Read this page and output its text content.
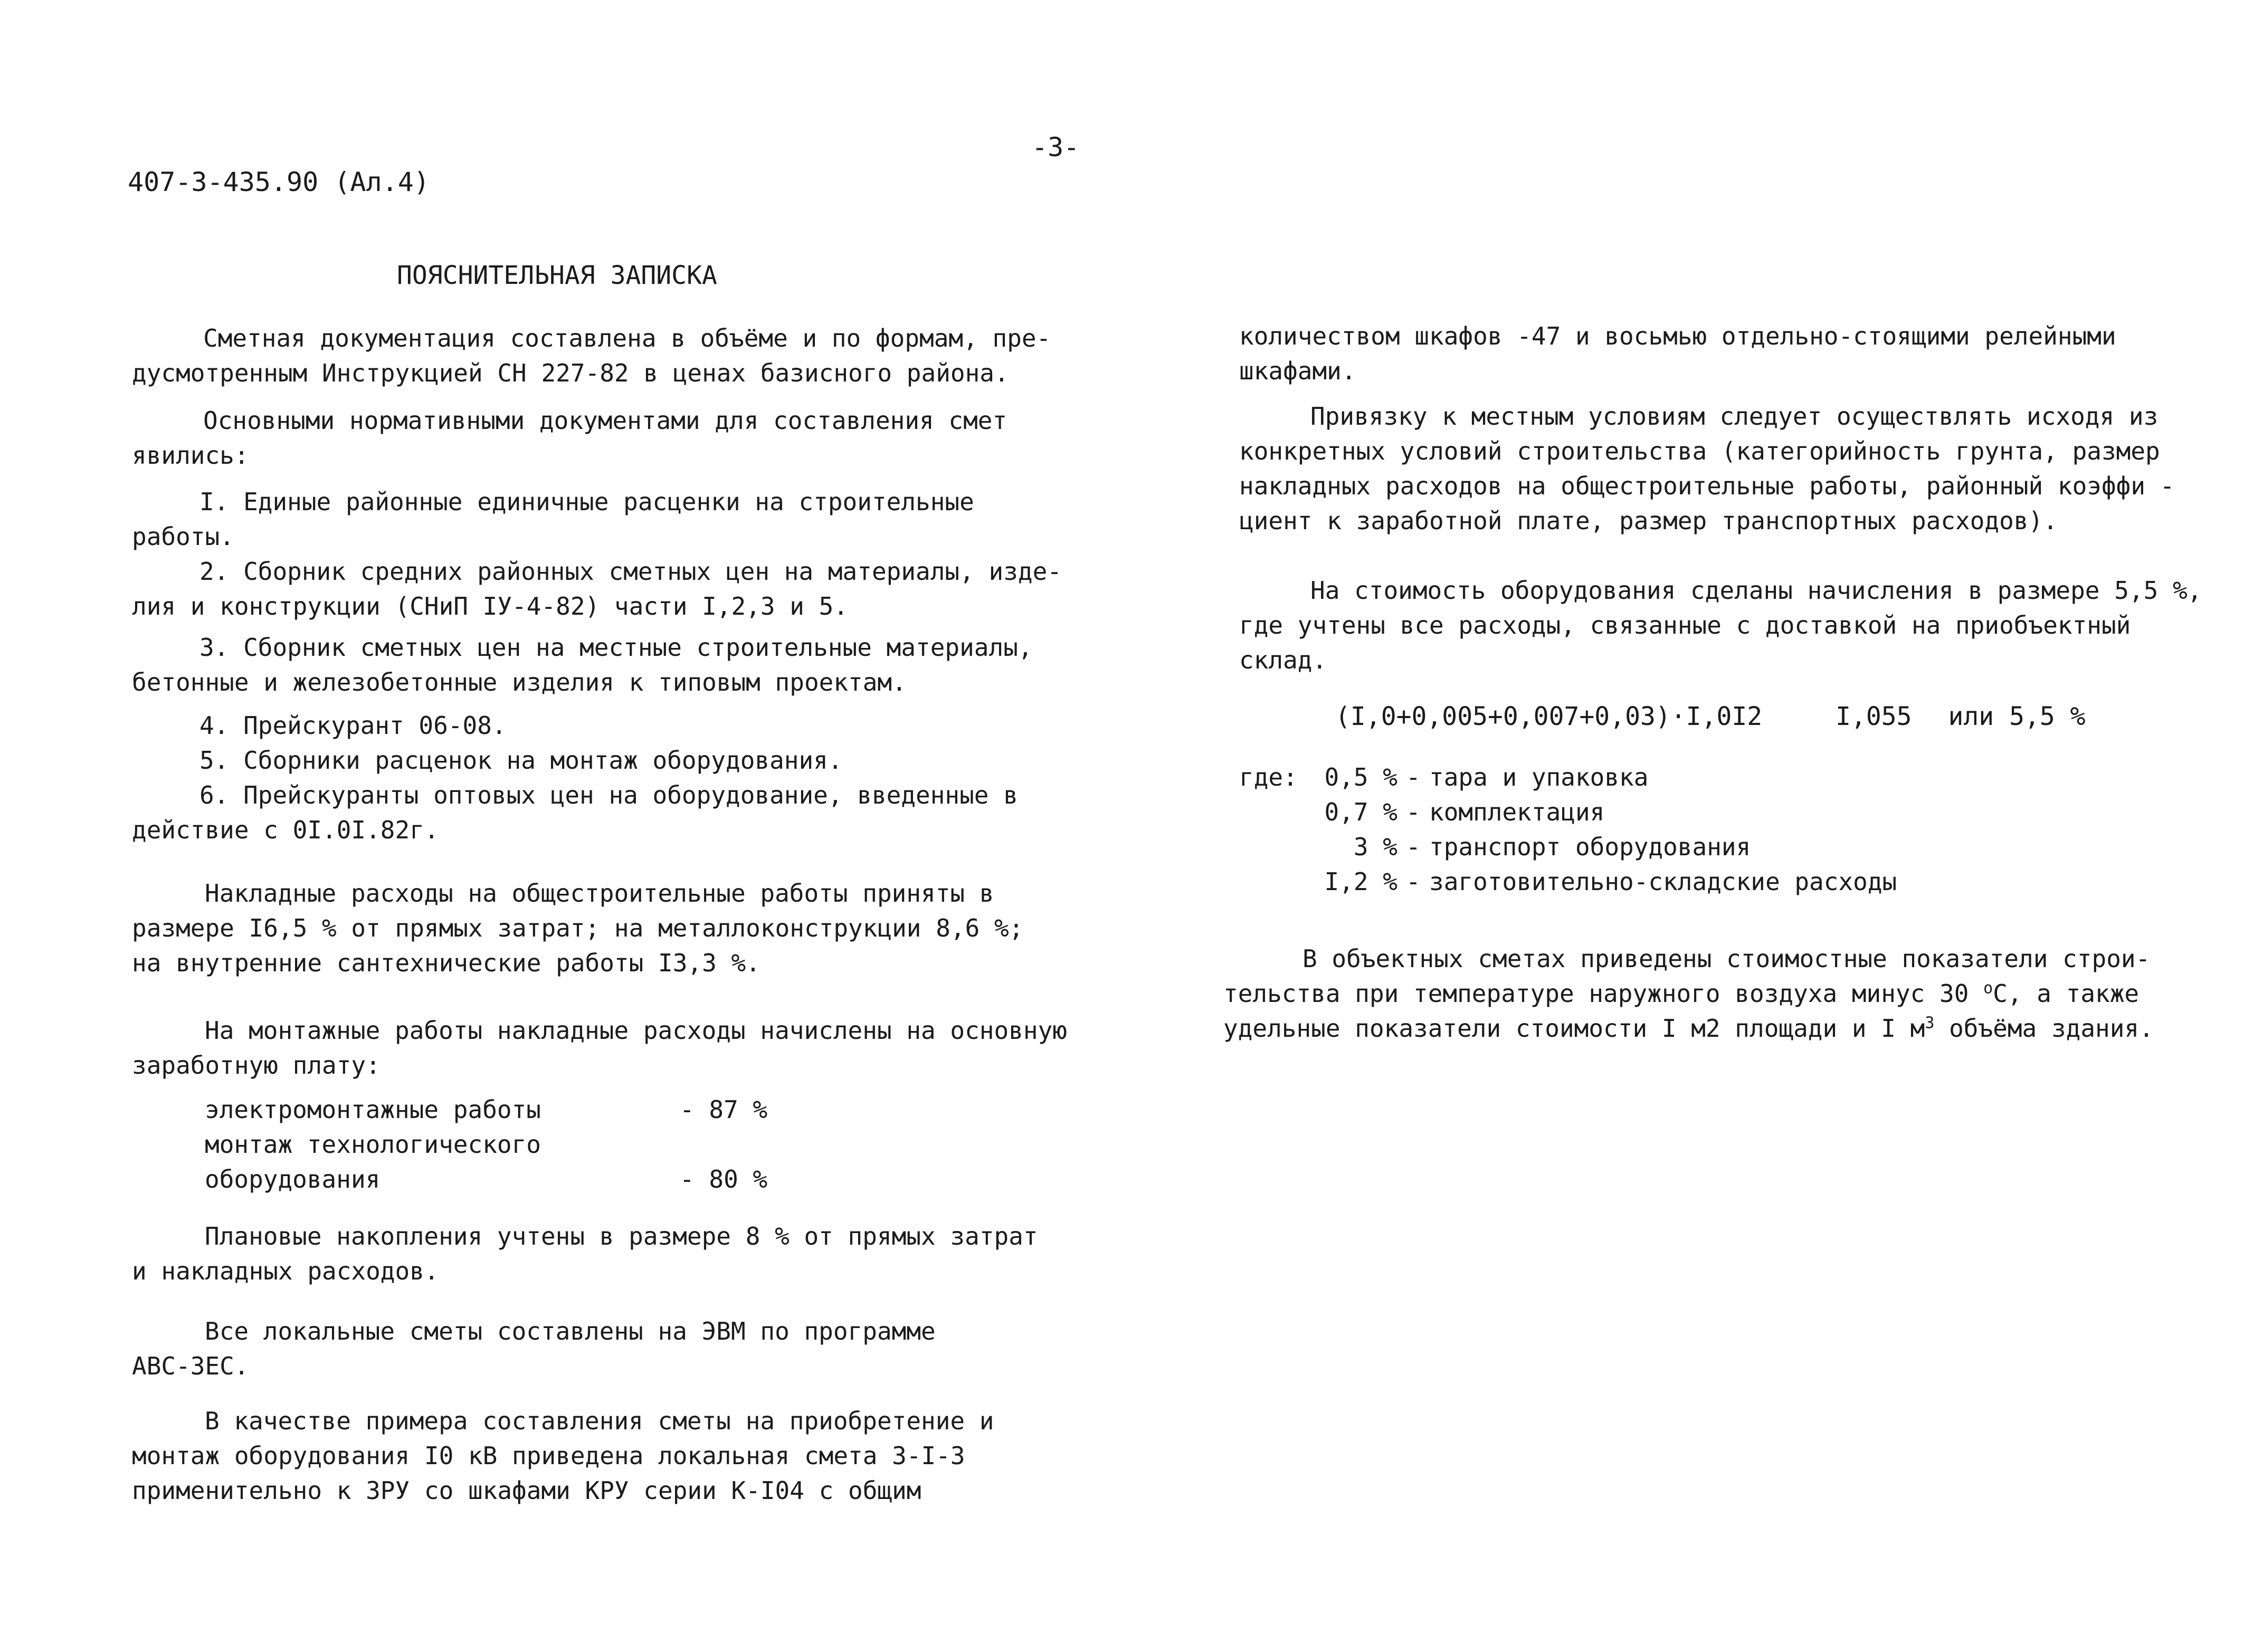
-3-
407-3-435.90 (Ал.4)
ПОЯСНИТЕЛЬНАЯ ЗАПИСКА
Сметная документация составлена в объёме и по формам, пре-
дусмотренным Инструкцией СН 227-82 в ценах базисного района.
Основными нормативными документами для составления смет
явились:
I. Единые районные единичные расценки на строительные
работы.
2. Сборник средних районных сметных цен на материалы, изде-
лия и конструкции (СНиП IУ-4-82) части I,2,3 и 5.
3. Сборник сметных цен на местные строительные материалы,
бетонные и железобетонные изделия к типовым проектам.
4. Прейскурант 06-08.
5. Сборники расценок на монтаж оборудования.
6. Прейскуранты оптовых цен на оборудование, введенные в
действие с 0I.0I.82г.
Накладные расходы на общестроительные работы приняты в
размере I6,5 % от прямых затрат; на металлоконструкции 8,6 %;
на внутренние сантехнические работы I3,3 %.
На монтажные работы накладные расходы начислены на основную
заработную плату:
электромонтажные работы	- 87 %
монтаж технологического
оборудования	- 80 %
Плановые накопления учтены в размере 8 % от прямых затрат
и накладных расходов.
Все локальные сметы составлены на ЭВМ по программе
АВС-3ЕС.
В качестве примера составления сметы на приобретение и
монтаж оборудования I0 кВ приведена локальная смета 3-I-3
применительно к ЗРУ со шкафами КРУ серии К-I04 с общим
количеством шкафов -47 и восьмью отдельно-стоящими релейными
шкафами.
Привязку к местным условиям следует осуществлять исходя из
конкретных условий строительства (категорийность грунта, размер
накладных расходов на общестроительные работы, районный коэффи -
циент к заработной плате, размер транспортных расходов).
На стоимость оборудования сделаны начисления в размере 5,5 %,
где учтены все расходы, связанные с доставкой на приобъектный
склад.
(I,0+0,005+0,007+0,03)·I,0I2	I,055 или 5,5 %
где: 0,5 % - тара и упаковка
0,7 % - комплектация
3 % - транспорт оборудования
I,2 % - заготовительно-складские расходы
В объектных сметах приведены стоимостные показатели строи-
тельства при температуре наружного воздуха минус 30 $^o$С, а также
удельные показатели стоимости I м2 площади и I $м^3$ объёма здания.
